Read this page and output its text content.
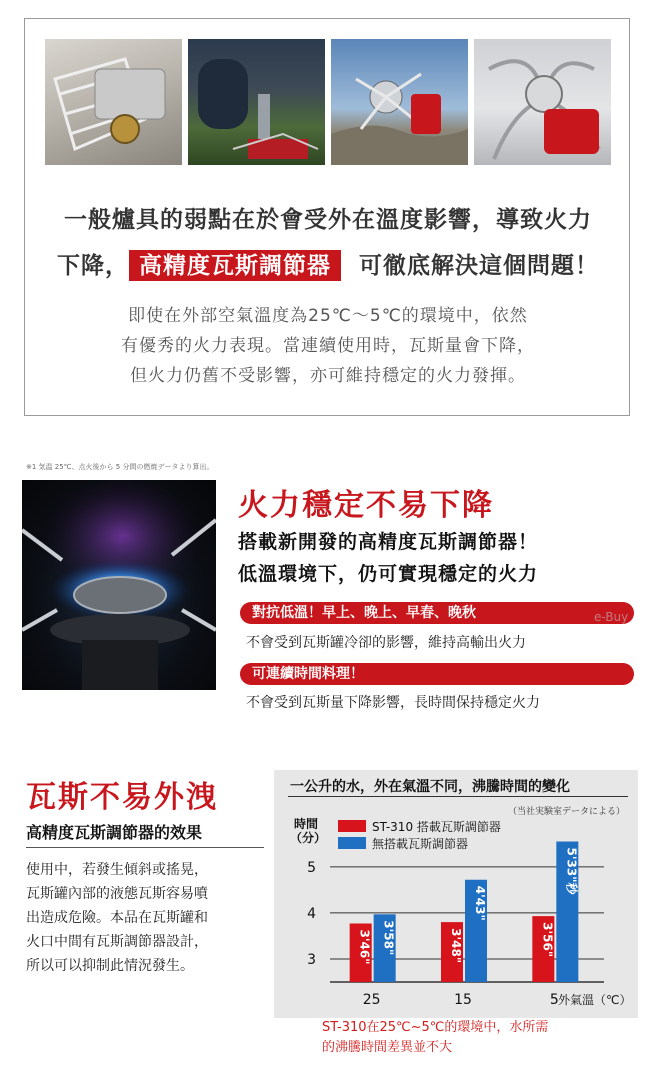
一般爐具的弱點在於會受外在溫度影響，導致火力
下降， 高精度瓦斯調節器 可徹底解決這個問題！
即使在外部空氣溫度為25℃～5℃的環境中，依然
有優秀的火力表現。當連續使用時，瓦斯量會下降，
但火力仍舊不受影響，亦可維持穩定的火力發揮。
※1 気温 25℃、点火後から 5 分間の燃焼データより算出。
火力穩定不易下降
搭載新開發的高精度瓦斯調節器！
低溫環境下，仍可實現穩定的火力
對抗低溫！早上、晚上、早春、晚秋
不會受到瓦斯罐冷卻的影響，維持高輸出火力
可連續時間料理！
不會受到瓦斯量下降影響，長時間保持穩定火力
瓦斯不易外洩
高精度瓦斯調節器的效果
使用中，若發生傾斜或搖晃，
瓦斯罐內部的液態瓦斯容易噴
出造成危險。本品在瓦斯罐和
火口中間有瓦斯調節器設計，
所以可以抑制此情況發生。
一公升的水，外在氣溫不同，沸騰時間的變化
（当社実験室データによる）
時間
（分）
5
4
3
ST-310 搭載瓦斯調節器
無搭載瓦斯調節器
3'46" 3'58"
25
3'48"
4'43"
15
3'56"
5'33"秒
5 外氣溫（℃）
ST-310在25℃~5℃的環境中，水所需
的沸騰時間差異並不大
e-Buy
